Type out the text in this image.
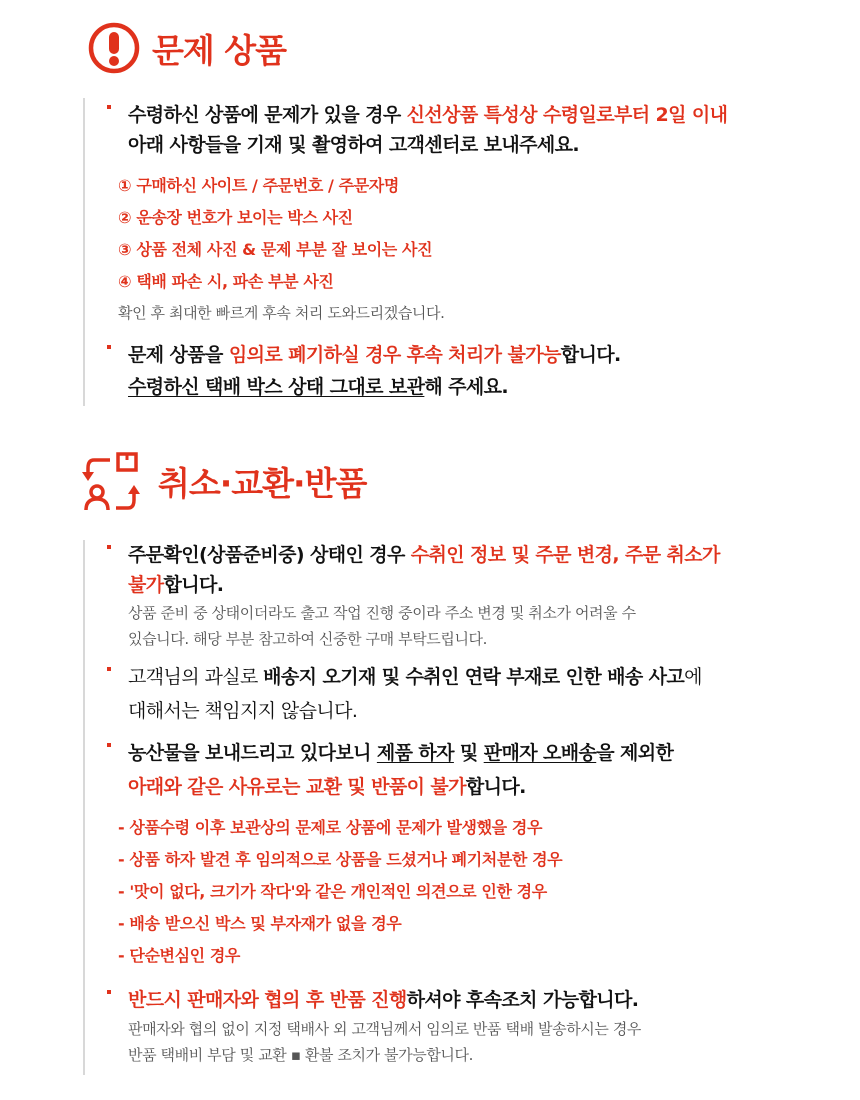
문제 상품
수령하신 상품에 문제가 있을 경우 신선상품 특성상 수령일로부터 2일 이내
아래 사항들을 기재 및 촬영하여 고객센터로 보내주세요.
① 구매하신 사이트 / 주문번호 / 주문자명
② 운송장 번호가 보이는 박스 사진
③ 상품 전체 사진 & 문제 부분 잘 보이는 사진
④ 택배 파손 시, 파손 부분 사진
확인 후 최대한 빠르게 후속 처리 도와드리겠습니다.
문제 상품을 임의로 폐기하실 경우 후속 처리가 불가능합니다.
수령하신 택배 박스 상태 그대로 보관해 주세요.
취소·교환·반품
주문확인(상품준비중) 상태인 경우 수취인 정보 및 주문 변경, 주문 취소가
불가합니다.
상품 준비 중 상태이더라도 출고 작업 진행 중이라 주소 변경 및 취소가 어려울 수
있습니다. 해당 부분 참고하여 신중한 구매 부탁드립니다.
고객님의 과실로 배송지 오기재 및 수취인 연락 부재로 인한 배송 사고에
대해서는 책임지지 않습니다.
농산물을 보내드리고 있다보니 제품 하자 및 판매자 오배송을 제외한
아래와 같은 사유로는 교환 및 반품이 불가합니다.
- 상품수령 이후 보관상의 문제로 상품에 문제가 발생했을 경우
- 상품 하자 발견 후 임의적으로 상품을 드셨거나 폐기처분한 경우
- '맛이 없다, 크기가 작다'와 같은 개인적인 의견으로 인한 경우
- 배송 받으신 박스 및 부자재가 없을 경우
- 단순변심인 경우
반드시 판매자와 협의 후 반품 진행하셔야 후속조치 가능합니다.
판매자와 협의 없이 지정 택배사 외 고객님께서 임의로 반품 택배 발송하시는 경우
반품 택배비 부담 및 교환 ▪ 환불 조치가 불가능합니다.
